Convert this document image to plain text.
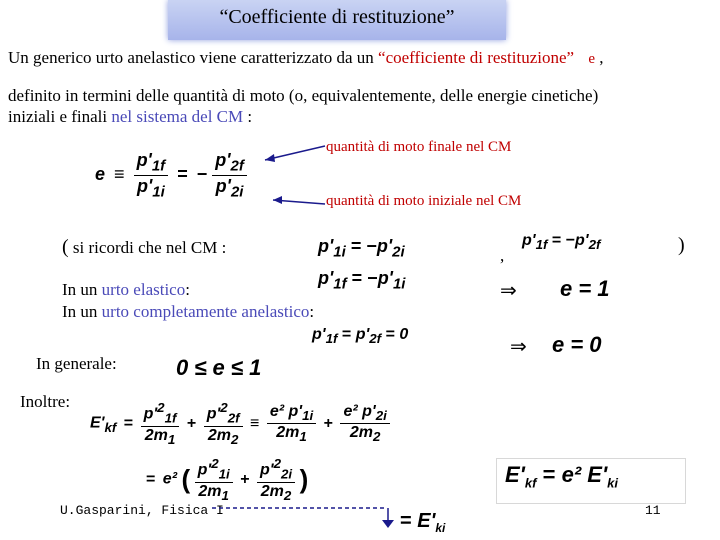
“Coefficiente di restituzione”
Un generico urto anelastico viene caratterizzato da un “coefficiente di restituzione” e ,
definito in termini delle quantità di moto (o, equivalentemente, delle energie cinetiche)
iniziali e finali nel sistema del CM :
$e \equiv \frac{p'_{1f}}{p'_{1i}}$ = − $\frac{p'_{2f}}{p'_{2i}}$
quantità di moto finale nel CM
quantità di moto iniziale nel CM
( si ricordi che nel CM :	$p'_{1i} = -p'_{2i}$	,
$p'_{1f} = -p'_{2f}$	)
In un urto elastico:
$p'_{1f} = -p'_{1i}$	⇒ e = 1
In un urto completamente anelastico:
$p'_{1f} = p'_{2f} = 0$	⇒ e = 0
In generale:	0 ≤ e ≤ 1
Inoltre:
$E'_{kf} = \frac{p'^2_{1f}}{2m_1} + \frac{p'^2_{2f}}{2m_2} \equiv \frac{e^2 p'_{1i}}{2m_1} + \frac{e^2 p'_{2i}}{2m_2}$
= e² ( $\frac{p'^2_{1i}}{2m_1} + \frac{p'^2_{2i}}{2m_2}$ )	$E'_{kf} = e^2$ $E'_{ki}$
U.Gasparini, Fisica I	= $E'_{ki}$
11
